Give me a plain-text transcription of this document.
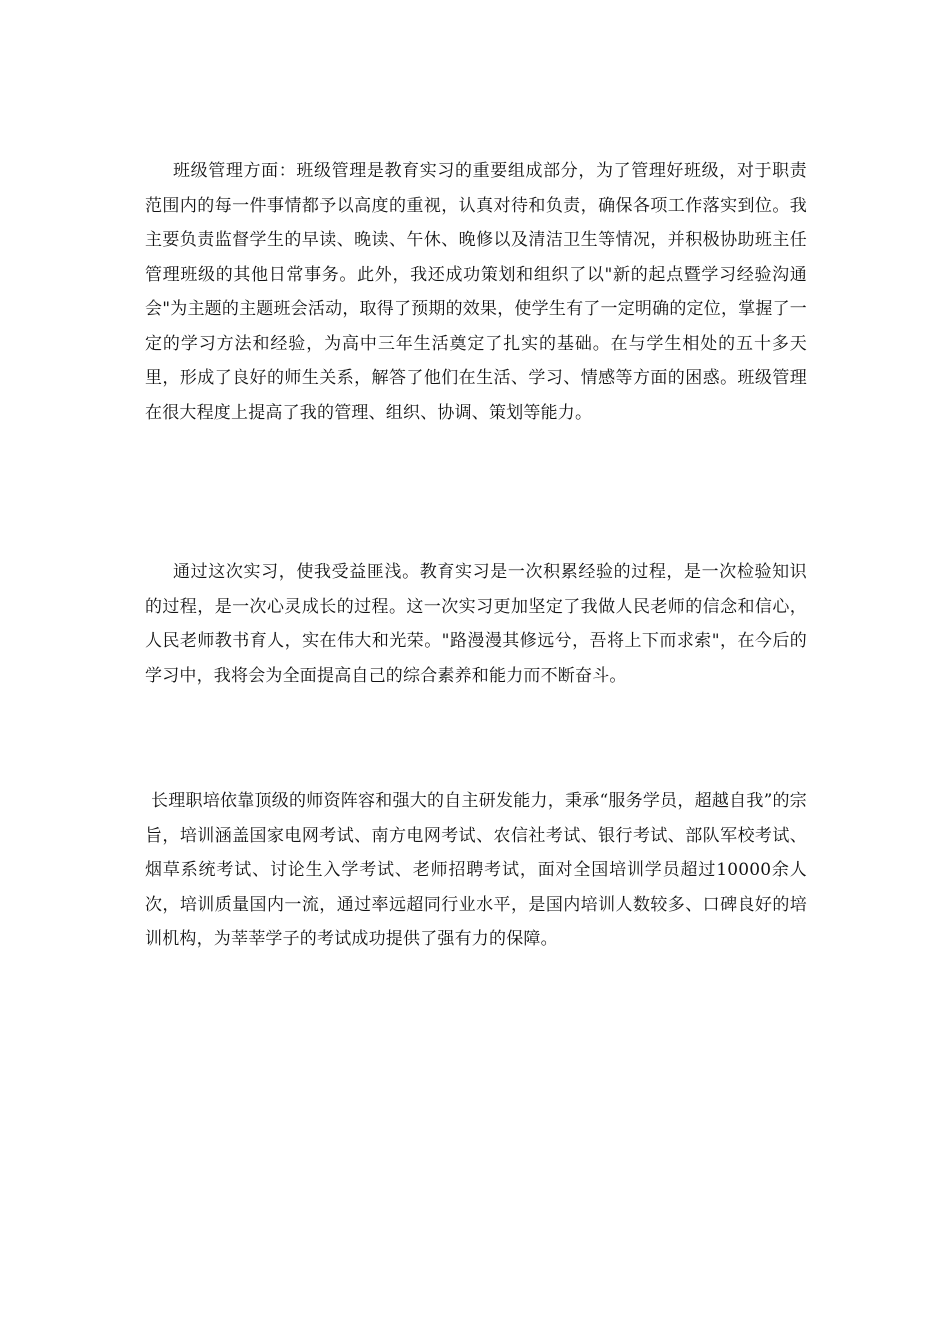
班级管理方面：班级管理是教育实习的重要组成部分，为了管理好班级，对于职责范围内的每一件事情都予以高度的重视，认真对待和负责，确保各项工作落实到位。我主要负责监督学生的早读、晚读、午休、晚修以及清洁卫生等情况，并积极协助班主任管理班级的其他日常事务。此外，我还成功策划和组织了以"新的起点暨学习经验沟通会"为主题的主题班会活动，取得了预期的效果，使学生有了一定明确的定位，掌握了一定的学习方法和经验，为高中三年生活奠定了扎实的基础。在与学生相处的五十多天里，形成了良好的师生关系，解答了他们在生活、学习、情感等方面的困惑。班级管理在很大程度上提高了我的管理、组织、协调、策划等能力。

通过这次实习，使我受益匪浅。教育实习是一次积累经验的过程，是一次检验知识的过程，是一次心灵成长的过程。这一次实习更加坚定了我做人民老师的信念和信心，人民老师教书育人，实在伟大和光荣。"路漫漫其修远兮，吾将上下而求索"，在今后的学习中，我将会为全面提高自己的综合素养和能力而不断奋斗。

长理职培依靠顶级的师资阵容和强大的自主研发能力，秉承“服务学员，超越自我”的宗旨，培训涵盖国家电网考试、南方电网考试、农信社考试、银行考试、部队军校考试、烟草系统考试、讨论生入学考试、老师招聘考试，面对全国培训学员超过10000余人次，培训质量国内一流，通过率远超同行业水平，是国内培训人数较多、口碑良好的培训机构，为莘莘学子的考试成功提供了强有力的保障。
